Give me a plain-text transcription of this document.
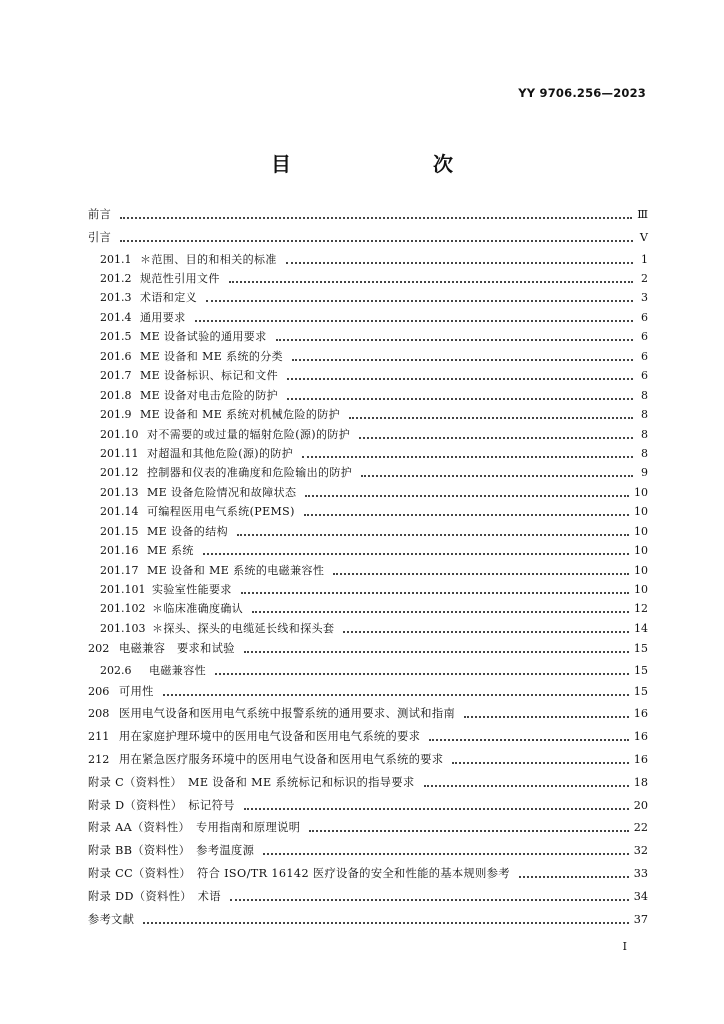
YY 9706.256—2023
目　　次
前言	Ⅲ
引言	Ⅴ
201.1 ＊范围、目的和相关的标准	1
201.2 规范性引用文件	2
201.3 术语和定义	3
201.4 通用要求	6
201.5 ME 设备试验的通用要求	6
201.6 ME 设备和 ME 系统的分类	6
201.7 ME 设备标识、标记和文件	6
201.8 ME 设备对电击危险的防护	8
201.9 ME 设备和 ME 系统对机械危险的防护	8
201.10 对不需要的或过量的辐射危险(源)的防护	8
201.11 对超温和其他危险(源)的防护	8
201.12 控制器和仪表的准确度和危险输出的防护	9
201.13 ME 设备危险情况和故障状态	10
201.14 可编程医用电气系统(PEMS)	10
201.15 ME 设备的结构	10
201.16 ME 系统	10
201.17 ME 设备和 ME 系统的电磁兼容性	10
201.101 实验室性能要求	10
201.102 ＊临床准确度确认	12
201.103 ＊探头、探头的电缆延长线和探头套	14
202 电磁兼容　要求和试验	15
202.6	电磁兼容性	15
206 可用性	15
208 医用电气设备和医用电气系统中报警系统的通用要求、测试和指南	16
211 用在家庭护理环境中的医用电气设备和医用电气系统的要求	16
212 用在紧急医疗服务环境中的医用电气设备和医用电气系统的要求	16
附录 C（资料性）　ME 设备和 ME 系统标记和标识的指导要求	18
附录 D（资料性）　标记符号	20
附录 AA（资料性）　专用指南和原理说明	22
附录 BB（资料性）　参考温度源	32
附录 CC（资料性）　符合 ISO/TR 16142 医疗设备的安全和性能的基本规则参考	33
附录 DD（资料性）　术语	34
参考文献	37
I
